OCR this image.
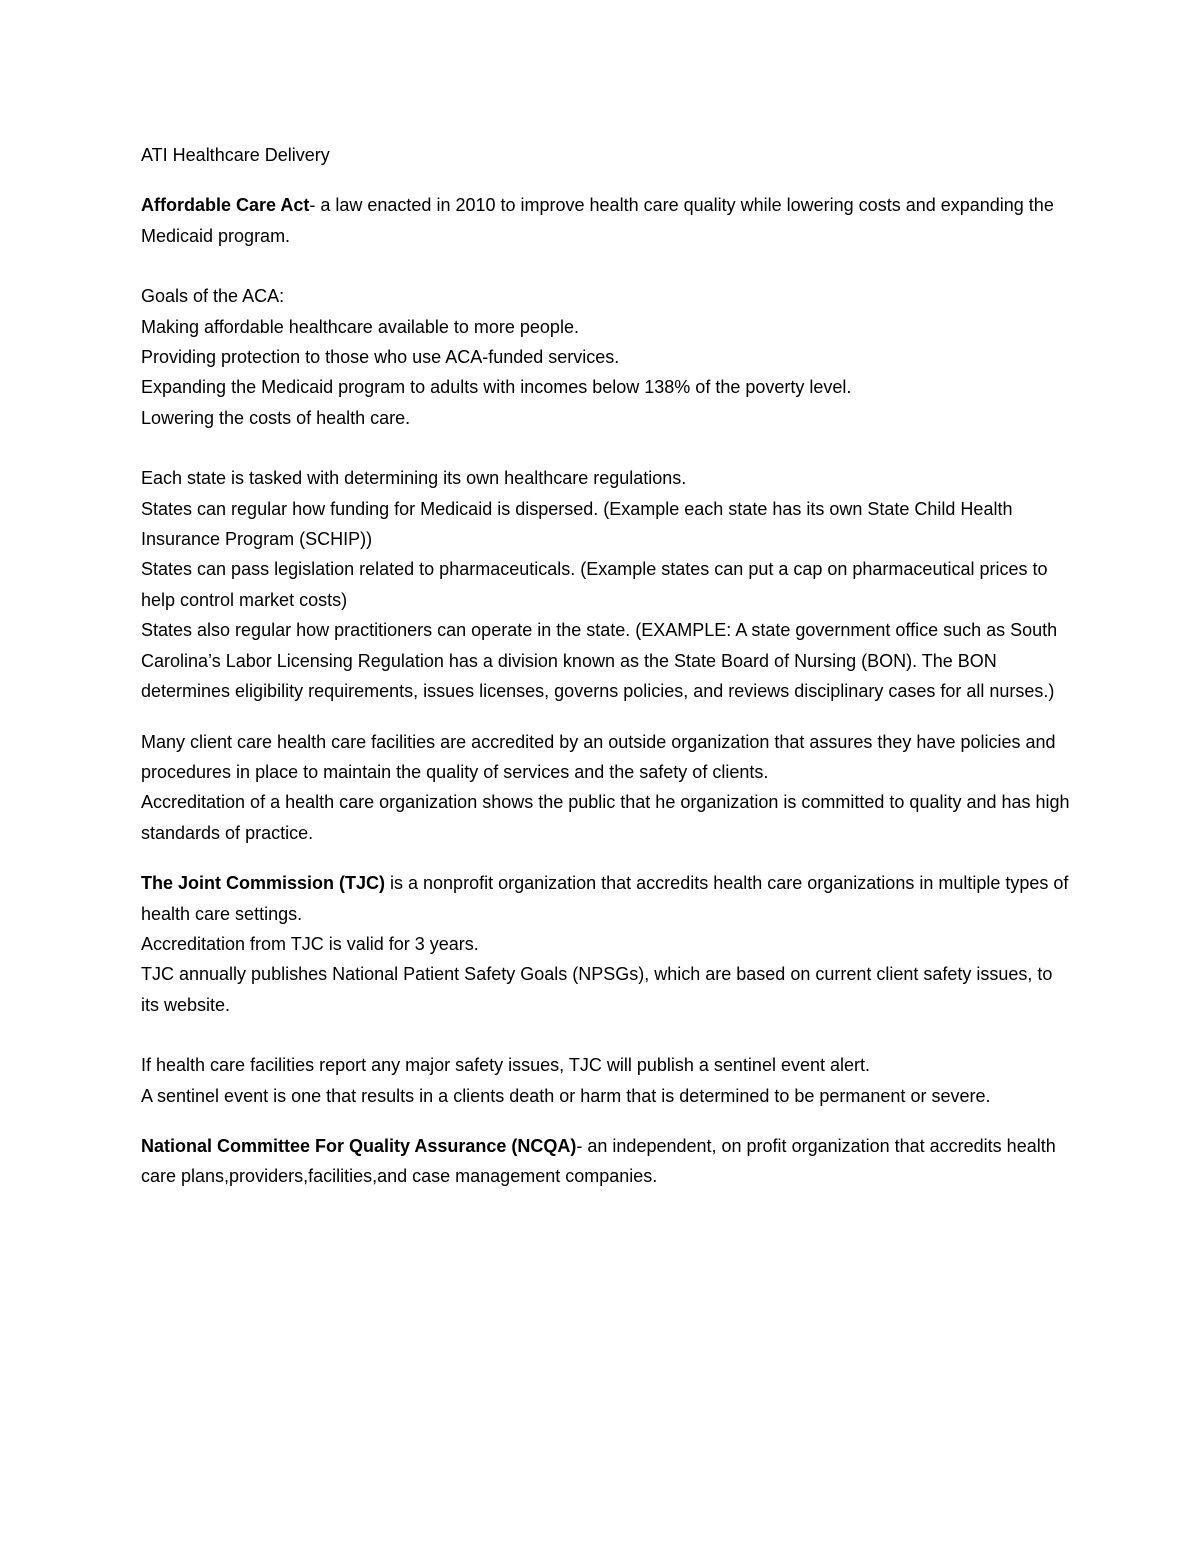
ATI Healthcare Delivery

Affordable Care Act- a law enacted in 2010 to improve health care quality while lowering costs and expanding the Medicaid program.

Goals of the ACA:

Making affordable healthcare available to more people.

Providing protection to those who use ACA-funded services.

Expanding the Medicaid program to adults with incomes below 138% of the poverty level.

Lowering the costs of health care.

Each state is tasked with determining its own healthcare regulations.

States can regular how funding for Medicaid is dispersed. (Example each state has its own State Child Health Insurance Program (SCHIP))

States can pass legislation related to pharmaceuticals. (Example states can put a cap on pharmaceutical prices to help control market costs)

States also regular how practitioners can operate in the state. (EXAMPLE: A state government office such as South Carolina’s Labor Licensing Regulation has a division known as the State Board of Nursing (BON). The BON determines eligibility requirements, issues licenses, governs policies, and reviews disciplinary cases for all nurses.)

Many client care health care facilities are accredited by an outside organization that assures they have policies and procedures in place to maintain the quality of services and the safety of clients.

Accreditation of a health care organization shows the public that he organization is committed to quality and has high standards of practice.

The Joint Commission (TJC) is a nonprofit organization that accredits health care organizations in multiple types of health care settings.

Accreditation from TJC is valid for 3 years.

TJC annually publishes National Patient Safety Goals (NPSGs), which are based on current client safety issues, to its website.

If health care facilities report any major safety issues, TJC will publish a sentinel event alert.

A sentinel event is one that results in a clients death or harm that is determined to be permanent or severe.

National Committee For Quality Assurance (NCQA)- an independent, on profit organization that accredits health care plans,providers,facilities,and case management companies.
